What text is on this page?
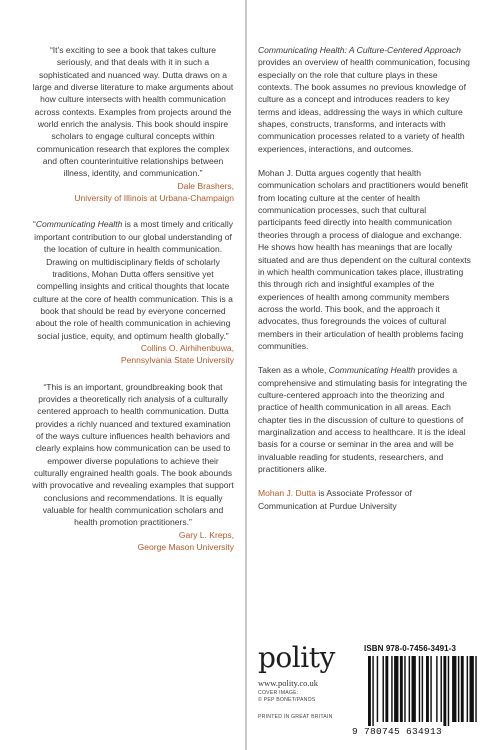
“It’s exciting to see a book that takes culture seriously, and that deals with it in such a sophisticated and nuanced way. Dutta draws on a large and diverse literature to make arguments about how culture intersects with health communication across contexts. Examples from projects around the world enrich the analysis. This book should inspire scholars to engage cultural concepts within communication research that explores the complex and often counterintuitive relationships between illness, identity, and communication.”

Dale Brashers,
University of Illinois at Urbana-Champaign

“Communicating Health is a most timely and critically important contribution to our global understanding of the location of culture in health communication. Drawing on multidisciplinary fields of scholarly traditions, Mohan Dutta offers sensitive yet compelling insights and critical thoughts that locate culture at the core of health communication. This is a book that should be read by everyone concerned about the role of health communication in achieving social justice, equity, and optimum health globally.”

Collins O. Airhihenbuwa,
Pennsylvania State University

“This is an important, groundbreaking book that provides a theoretically rich analysis of a culturally centered approach to health communication. Dutta provides a richly nuanced and textured examination of the ways culture influences health behaviors and clearly explains how communication can be used to empower diverse populations to achieve their culturally engrained health goals. The book abounds with provocative and revealing examples that support conclusions and recommendations. It is equally valuable for health communication scholars and health promotion practitioners.”

Gary L. Kreps,
George Mason University

Communicating Health: A Culture-Centered Approach provides an overview of health communication, focusing especially on the role that culture plays in these contexts. The book assumes no previous knowledge of culture as a concept and introduces readers to key terms and ideas, addressing the ways in which culture shapes, constructs, transforms, and interacts with communication processes related to a variety of health experiences, interactions, and outcomes.

Mohan J. Dutta argues cogently that health communication scholars and practitioners would benefit from locating culture at the center of health communication processes, such that cultural participants feed directly into health communication theories through a process of dialogue and exchange. He shows how health has meanings that are locally situated and are thus dependent on the cultural contexts in which health communication takes place, illustrating this through rich and insightful examples of the experiences of health among community members across the world. This book, and the approach it advocates, thus foregrounds the voices of cultural members in their articulation of health problems facing communities.

Taken as a whole, Communicating Health provides a comprehensive and stimulating basis for integrating the culture-centered approach into the theorizing and practice of health communication in all areas. Each chapter ties in the discussion of culture to questions of marginalization and access to healthcare. It is the ideal basis for a course or seminar in the area and will be invaluable reading for students, researchers, and practitioners alike.

Mohan J. Dutta is Associate Professor of Communication at Purdue University

polity
www.polity.co.uk
COVER IMAGE:
© PEP BONET/PANOS
PRINTED IN GREAT BRITAIN
ISBN 978-0-7456-3491-3
9 780745 634913
